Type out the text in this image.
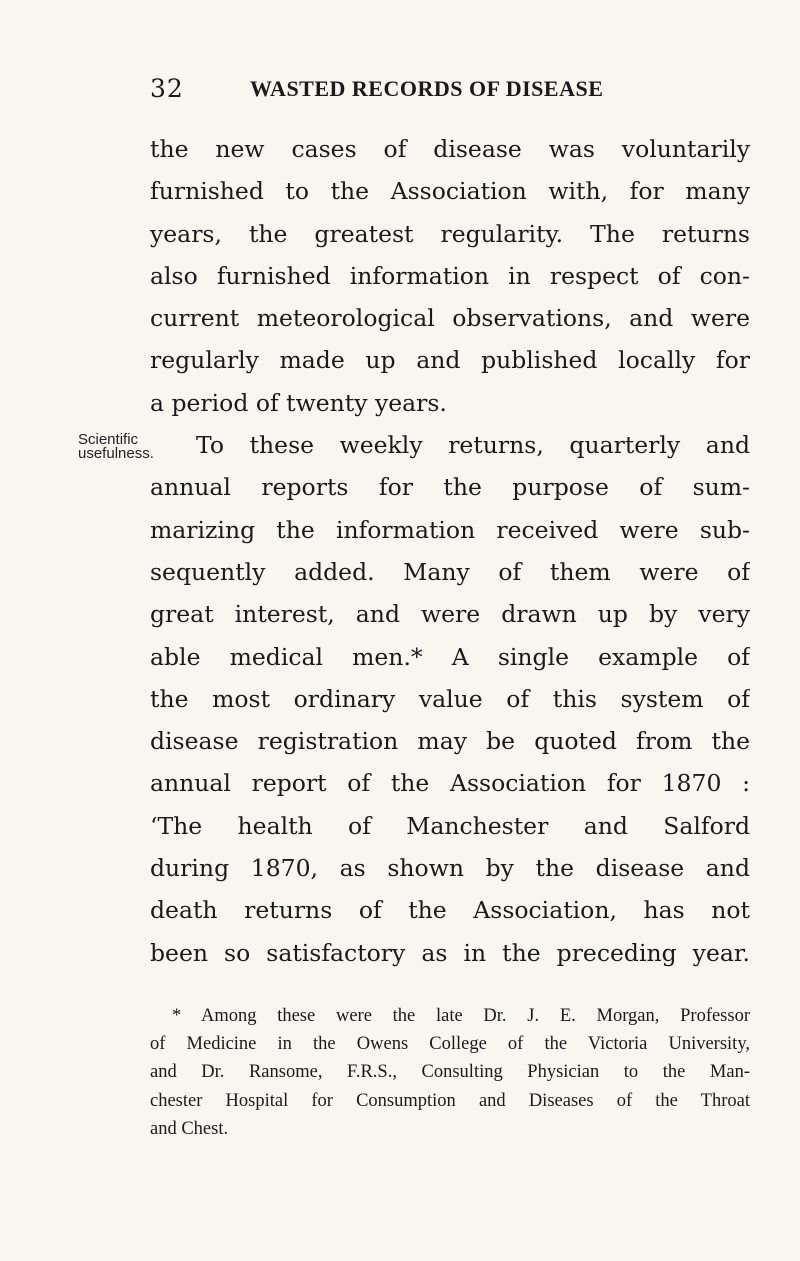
32	WASTED RECORDS OF DISEASE
Scientific
usefulness.
the new cases of disease was voluntarily
furnished to the Association with, for many
years, the greatest regularity. The returns
also furnished information in respect of con-
current meteorological observations, and were
regularly made up and published locally for
a period of twenty years.
To these weekly returns, quarterly and
annual reports for the purpose of sum-
marizing the information received were sub-
sequently added. Many of them were of
great interest, and were drawn up by very
able medical men.* A single example of
the most ordinary value of this system of
disease registration may be quoted from the
annual report of the Association for 1870 :
‘The health of Manchester and Salford
during 1870, as shown by the disease and
death returns of the Association, has not
been so satisfactory as in the preceding year.
* Among these were the late Dr. J. E. Morgan, Professor
of Medicine in the Owens College of the Victoria University,
and Dr. Ransome, F.R.S., Consulting Physician to the Man-
chester Hospital for Consumption and Diseases of the Throat
and Chest.
